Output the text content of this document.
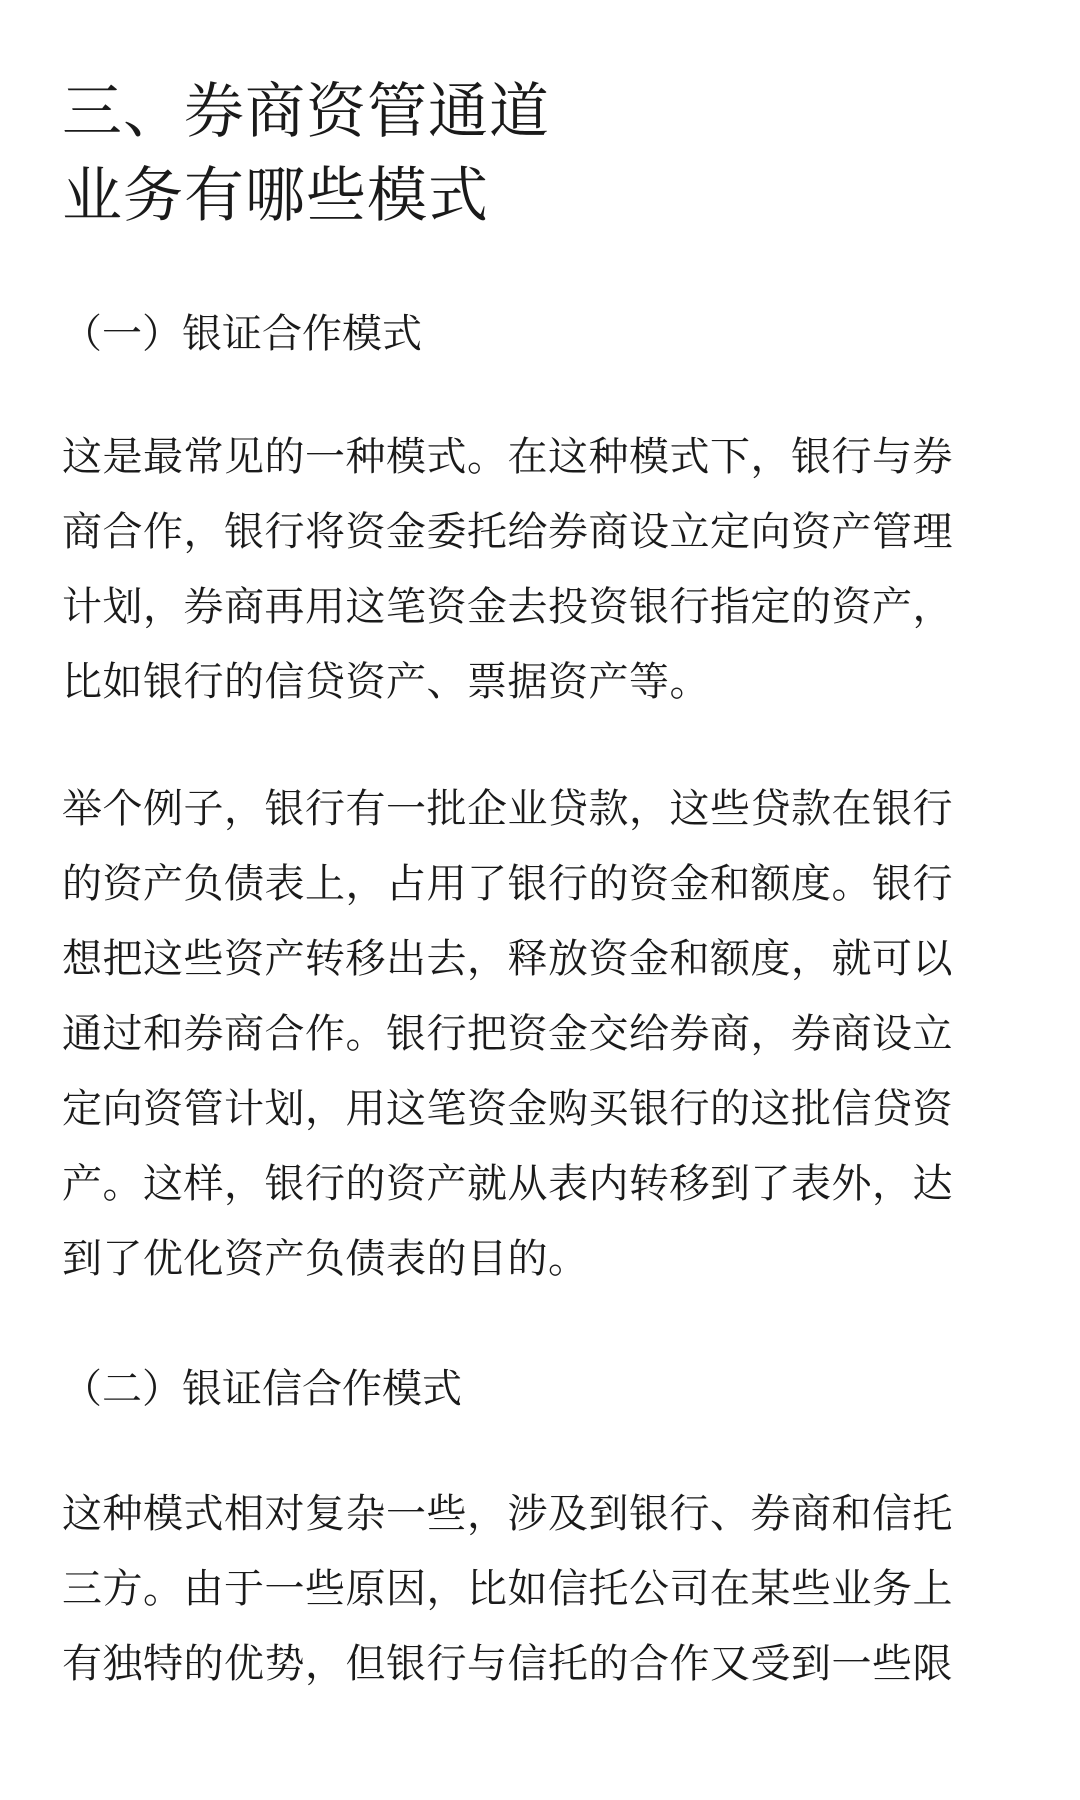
三、券商资管通道
业务有哪些模式

（一）银证合作模式

这是最常见的一种模式。在这种模式下，银行与券
商合作，银行将资金委托给券商设立定向资产管理
计划，券商再用这笔资金去投资银行指定的资产，
比如银行的信贷资产、票据资产等。

举个例子，银行有一批企业贷款，这些贷款在银行
的资产负债表上，占用了银行的资金和额度。银行
想把这些资产转移出去，释放资金和额度，就可以
通过和券商合作。银行把资金交给券商，券商设立
定向资管计划，用这笔资金购买银行的这批信贷资
产。这样，银行的资产就从表内转移到了表外，达
到了优化资产负债表的目的。

（二）银证信合作模式

这种模式相对复杂一些，涉及到银行、券商和信托
三方。由于一些原因，比如信托公司在某些业务上
有独特的优势，但银行与信托的合作又受到一些限
